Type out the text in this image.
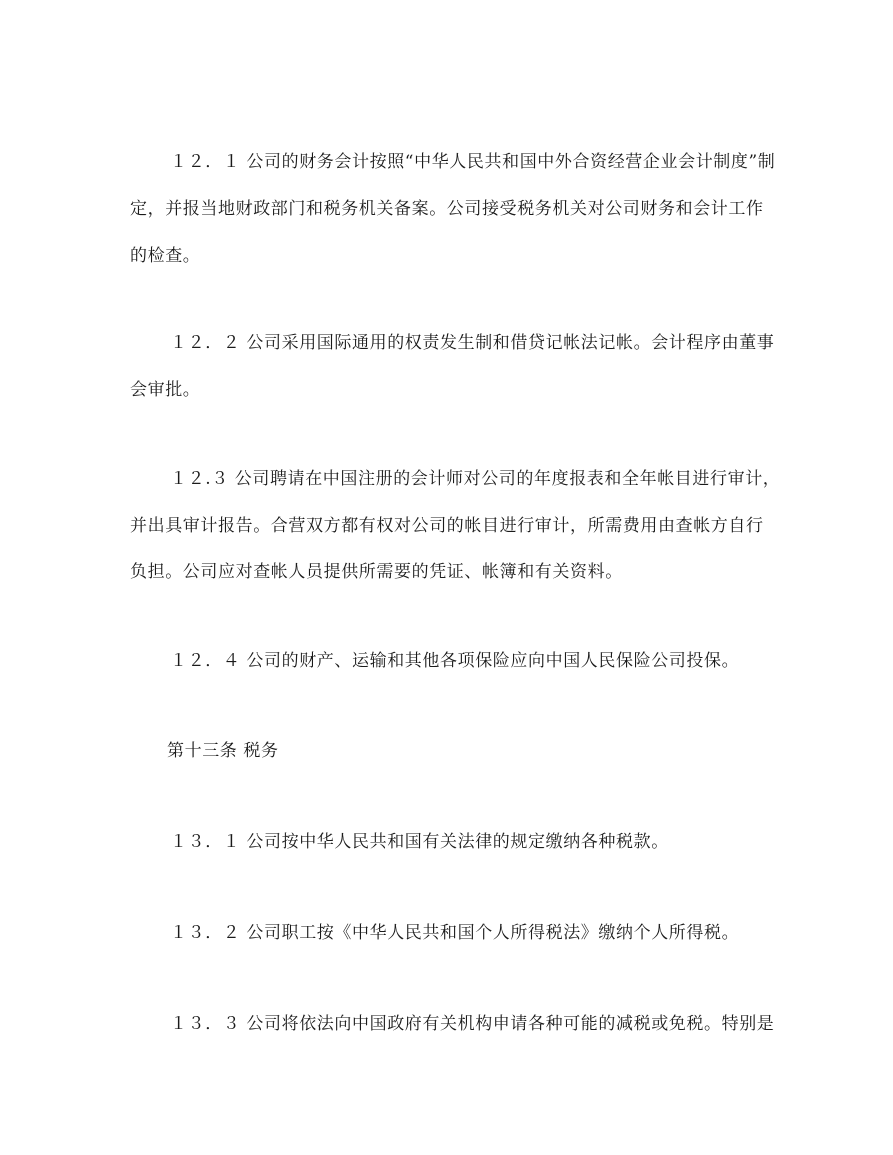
１２．１ 公司的财务会计按照“中华人民共和国中外合资经营企业会计制度”制
定，并报当地财政部门和税务机关备案。公司接受税务机关对公司财务和会计工作
的检查。
１２．２ 公司采用国际通用的权责发生制和借贷记帐法记帐。会计程序由董事
会审批。
１２.３ 公司聘请在中国注册的会计师对公司的年度报表和全年帐目进行审计，
并出具审计报告。合营双方都有权对公司的帐目进行审计，所需费用由查帐方自行
负担。公司应对查帐人员提供所需要的凭证、帐簿和有关资料。
１２．４ 公司的财产、运输和其他各项保险应向中国人民保险公司投保。
第十三条 税务
１３．１ 公司按中华人民共和国有关法律的规定缴纳各种税款。
１３．２ 公司职工按《中华人民共和国个人所得税法》缴纳个人所得税。
１３．３ 公司将依法向中国政府有关机构申请各种可能的减税或免税。特别是
